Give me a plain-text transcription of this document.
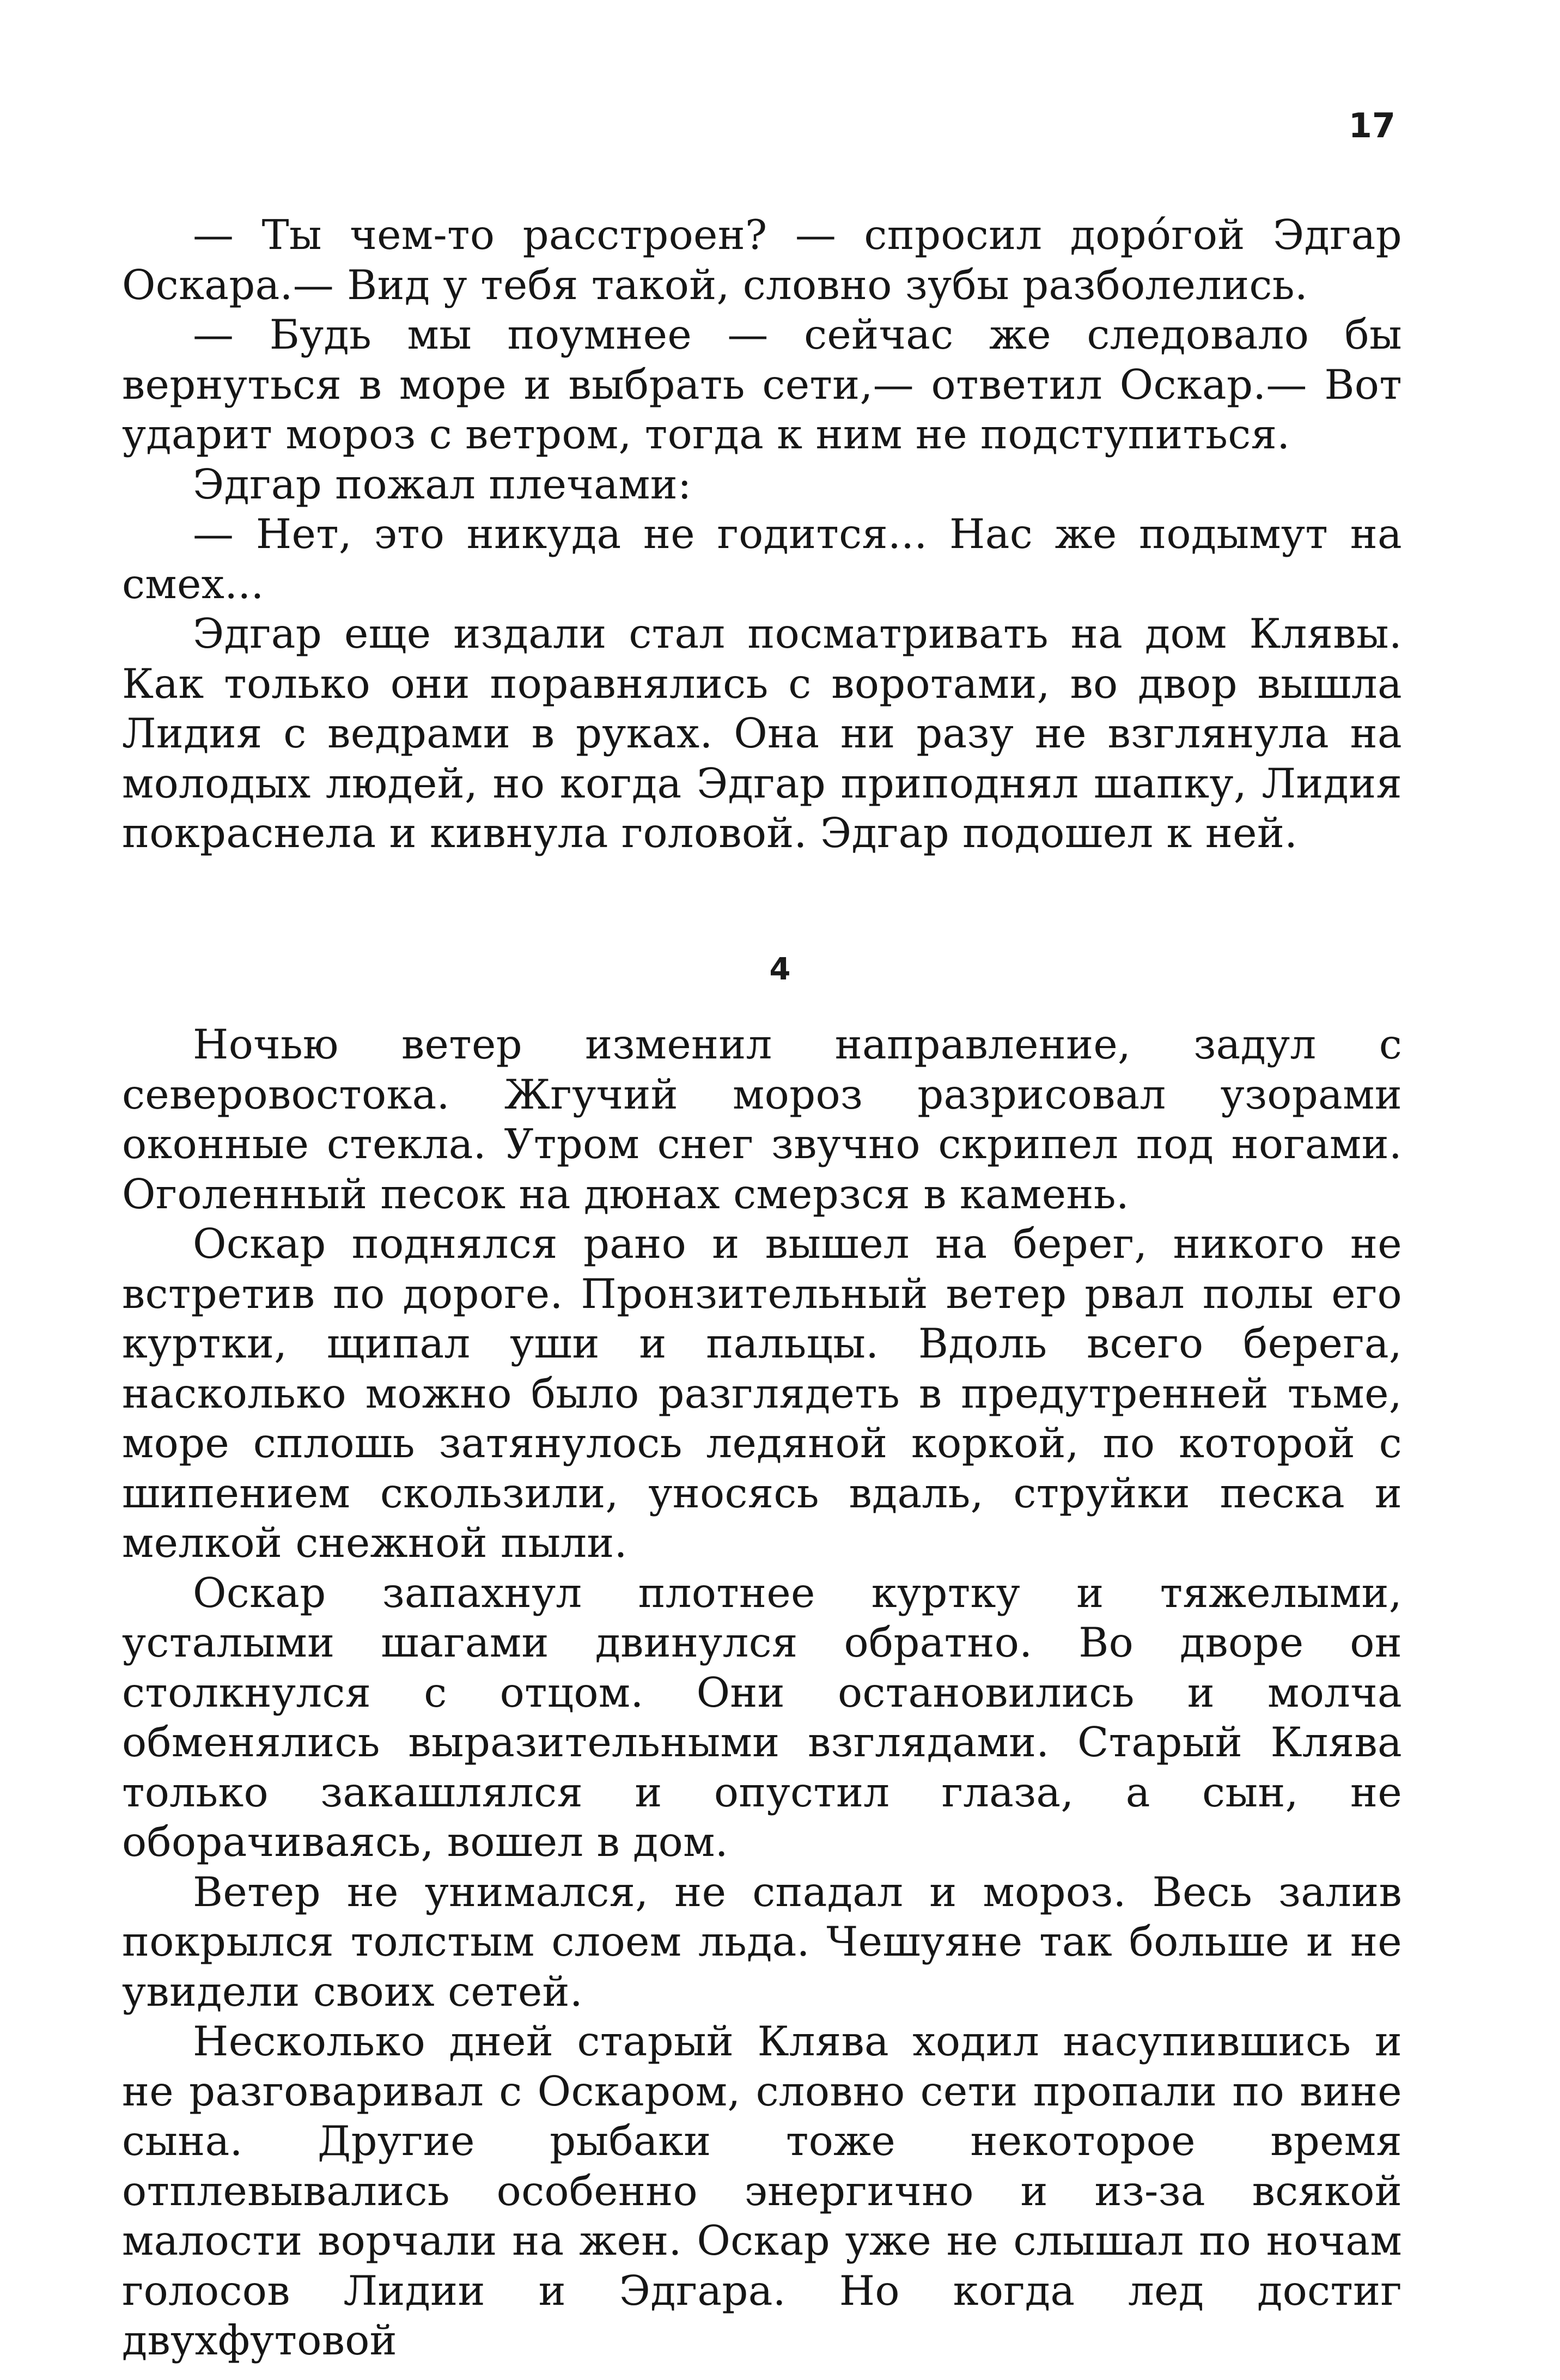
17

— Ты чем-то расстроен? — спросил доро́гой Эдгар Оскара.— Вид у тебя такой, словно зубы разболелись.

— Будь мы поумнее — сейчас же следовало бы вернуться в море и выбрать сети,— ответил Оскар.— Вот ударит мороз с ветром, тогда к ним не подступиться.

Эдгар пожал плечами:

— Нет, это никуда не годится... Нас же подымут на смех...

Эдгар еще издали стал посматривать на дом Клявы. Как только они поравнялись с воротами, во двор вышла Лидия с ведрами в руках. Она ни разу не взглянула на молодых людей, но когда Эдгар приподнял шапку, Лидия покраснела и кивнула головой. Эдгар подошел к ней.

4

Ночью ветер изменил направление, задул с северовостока. Жгучий мороз разрисовал узорами оконные стекла. Утром снег звучно скрипел под ногами. Оголенный песок на дюнах смерзся в камень.

Оскар поднялся рано и вышел на берег, никого не встретив по дороге. Пронзительный ветер рвал полы его куртки, щипал уши и пальцы. Вдоль всего берега, насколько можно было разглядеть в предутренней тьме, море сплошь затянулось ледяной коркой, по которой с шипением скользили, уносясь вдаль, струйки песка и мелкой снежной пыли.

Оскар запахнул плотнее куртку и тяжелыми, усталыми шагами двинулся обратно. Во дворе он столкнулся с отцом. Они остановились и молча обменялись выразительными взглядами. Старый Клява только закашлялся и опустил глаза, а сын, не оборачиваясь, вошел в дом.

Ветер не унимался, не спадал и мороз. Весь залив покрылся толстым слоем льда. Чешуяне так больше и не увидели своих сетей.

Несколько дней старый Клява ходил насупившись и не разговаривал с Оскаром, словно сети пропали по вине сына. Другие рыбаки тоже некоторое время отплевывались особенно энергично и из-за всякой малости ворчали на жен. Оскар уже не слышал по ночам голосов Лидии и Эдгара. Но когда лед достиг двухфутовой
